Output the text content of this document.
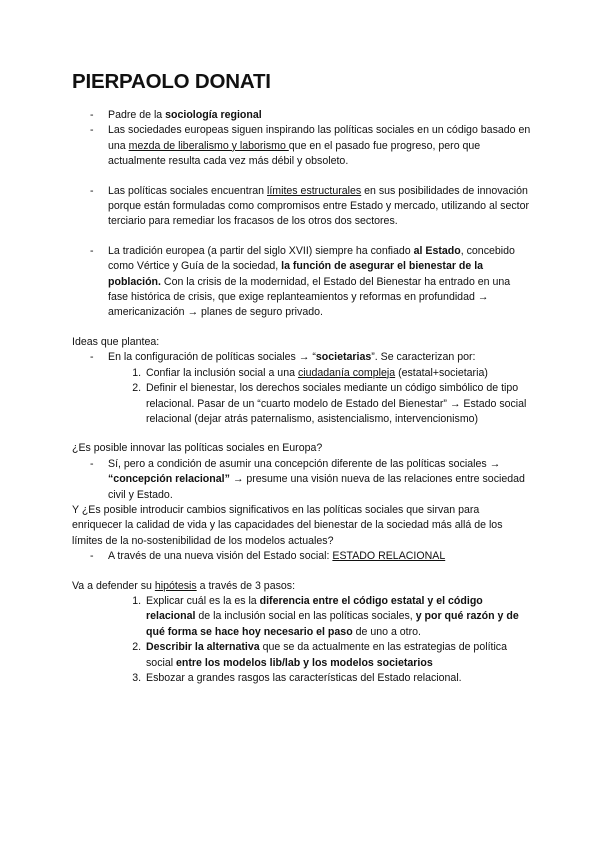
PIERPAOLO DONATI
- Padre de la sociología regional
- Las sociedades europeas siguen inspirando las políticas sociales en un código basado en una mezda de liberalismo y laborismo que en el pasado fue progreso, pero que actualmente resulta cada vez más débil y obsoleto.
- Las políticas sociales encuentran límites estructurales en sus posibilidades de innovación porque están formuladas como compromisos entre Estado y mercado, utilizando al sector terciario para remediar los fracasos de los otros dos sectores.
- La tradición europea (a partir del siglo XVII) siempre ha confiado al Estado, concebido como Vértice y Guía de la sociedad, la función de asegurar el bienestar de la población. Con la crisis de la modernidad, el Estado del Bienestar ha entrado en una fase histórica de crisis, que exige replanteamientos y reformas en profundidad → americanización → planes de seguro privado.

Ideas que plantea:

- En la configuración de políticas sociales → “societarias”. Se caracterizan por:
1. Confiar la inclusión social a una ciudadanía compleja (estatal+societaria)
2. Definir el bienestar, los derechos sociales mediante un código simbólico de tipo relacional. Pasar de un “cuarto modelo de Estado del Bienestar” → Estado social relacional (dejar atrás paternalismo, asistencialismo, intervencionismo)

¿Es posible innovar las políticas sociales en Europa?

- Sí, pero a condición de asumir una concepción diferente de las políticas sociales → “concepción relacional” → presume una visión nueva de las relaciones entre sociedad civil y Estado.

Y ¿Es posible introducir cambios significativos en las políticas sociales que sirvan para enriquecer la calidad de vida y las capacidades del bienestar de la sociedad más allá de los límites de la no-sostenibilidad de los modelos actuales?

- A través de una nueva visión del Estado social: ESTADO RELACIONAL

Va a defender su hipótesis a través de 3 pasos:

1. Explicar cuál es la es la diferencia entre el código estatal y el código relacional de la inclusión social en las políticas sociales, y por qué razón y de qué forma se hace hoy necesario el paso de uno a otro.
2. Describir la alternativa que se da actualmente en las estrategias de política social entre los modelos lib/lab y los modelos societarios
3. Esbozar a grandes rasgos las características del Estado relacional.
